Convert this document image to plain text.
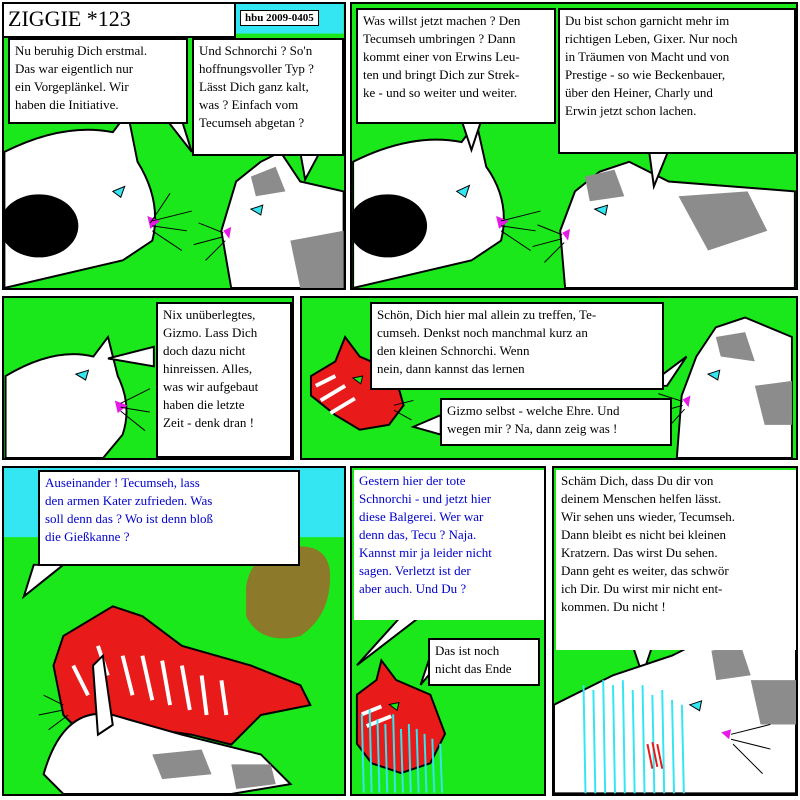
ZIGGIE *123	hbu 2009-0405
Nu beruhig Dich erstmal.
Das war eigentlich nur
ein Vorgeplänkel. Wir
haben die Initiative.
Und Schnorchi ? So'n
hoffnungsvoller Typ ?
Lässt Dich ganz kalt,
was ? Einfach vom
Tecumseh abgetan ?
Was willst jetzt machen ? Den
Tecumseh umbringen ? Dann
kommt einer von Erwins Leu-
ten und bringt Dich zur Strek-
ke - und so weiter und weiter.
Du bist schon garnicht mehr im
richtigen Leben, Gixer. Nur noch
in Träumen von Macht und von
Prestige - so wie Beckenbauer,
über den Heiner, Charly und
Erwin jetzt schon lachen.
Nix unüberlegtes,
Gizmo. Lass Dich
doch dazu nicht
hinreissen. Alles,
was wir aufgebaut
haben die letzte
Zeit - denk dran !
Schön, Dich hier mal allein zu treffen, Te-
cumseh. Denkst noch manchmal kurz an
den kleinen Schnorchi. Wenn
nein, dann kannst das lernen
Gizmo selbst - welche Ehre. Und
wegen mir ? Na, dann zeig was !
Auseinander ! Tecumseh, lass
den armen Kater zufrieden. Was
soll denn das ? Wo ist denn bloß
die Gießkanne ?
Gestern hier der tote
Schnorchi - und jetzt hier
diese Balgerei. Wer war
denn das, Tecu ? Naja.
Kannst mir ja leider nicht
sagen. Verletzt ist der
aber auch. Und Du ?
Das ist noch
nicht das Ende
Schäm Dich, dass Du dir von
deinem Menschen helfen lässt.
Wir sehen uns wieder, Tecumseh.
Dann bleibt es nicht bei kleinen
Kratzern. Das wirst Du sehen.
Dann geht es weiter, das schwör
ich Dir. Du wirst mir nicht ent-
kommen. Du nicht !
